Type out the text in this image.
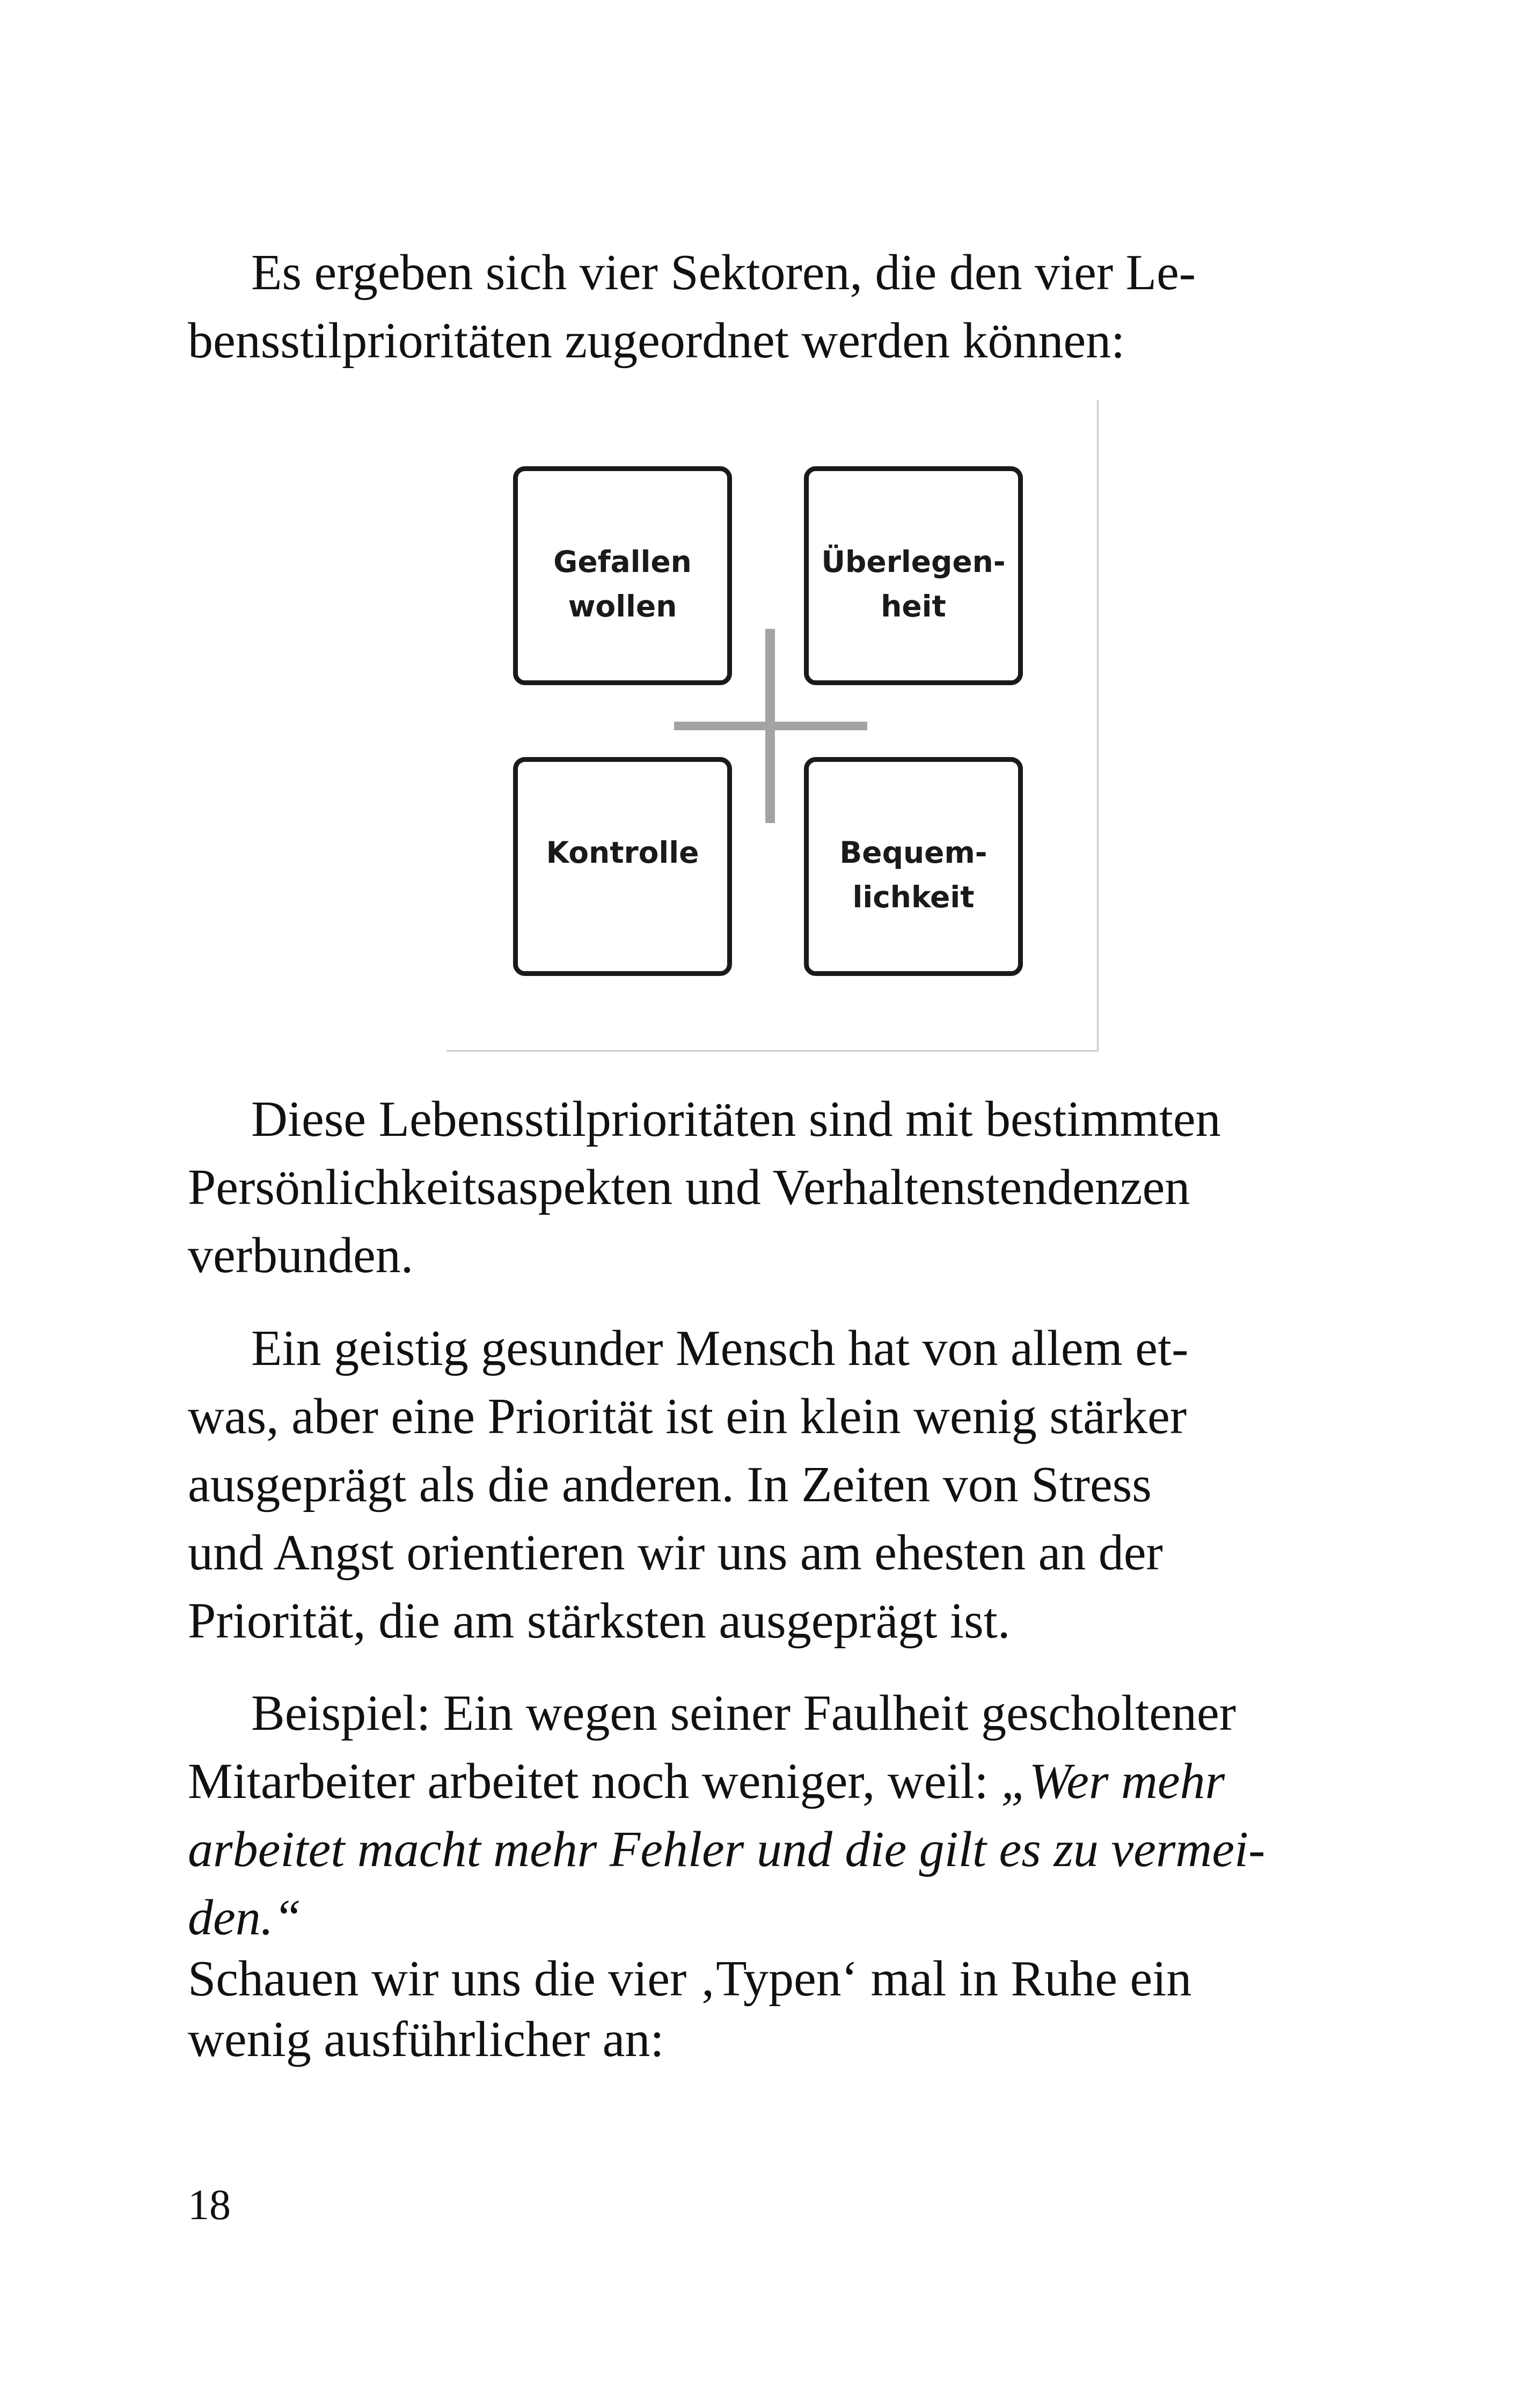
Es ergeben sich vier Sektoren, die den vier Le-
bensstilprioritäten zugeordnet werden können:

Gefallen
wollen
Überlegen-
heit
Kontrolle	Bequem-
lichkeit

Diese Lebensstilprioritäten sind mit bestimmten
Persönlichkeitsaspekten und Verhaltenstendenzen
verbunden.

Ein geistig gesunder Mensch hat von allem et-
was, aber eine Priorität ist ein klein wenig stärker
ausgeprägt als die anderen. In Zeiten von Stress
und Angst orientieren wir uns am ehesten an der
Priorität, die am stärksten ausgeprägt ist.

Beispiel: Ein wegen seiner Faulheit gescholtener
Mitarbeiter arbeitet noch weniger, weil: „Wer mehr
arbeitet macht mehr Fehler und die gilt es zu vermei-
den.“

Schauen wir uns die vier ‚Typen‘ mal in Ruhe ein
wenig ausführlicher an:

18
